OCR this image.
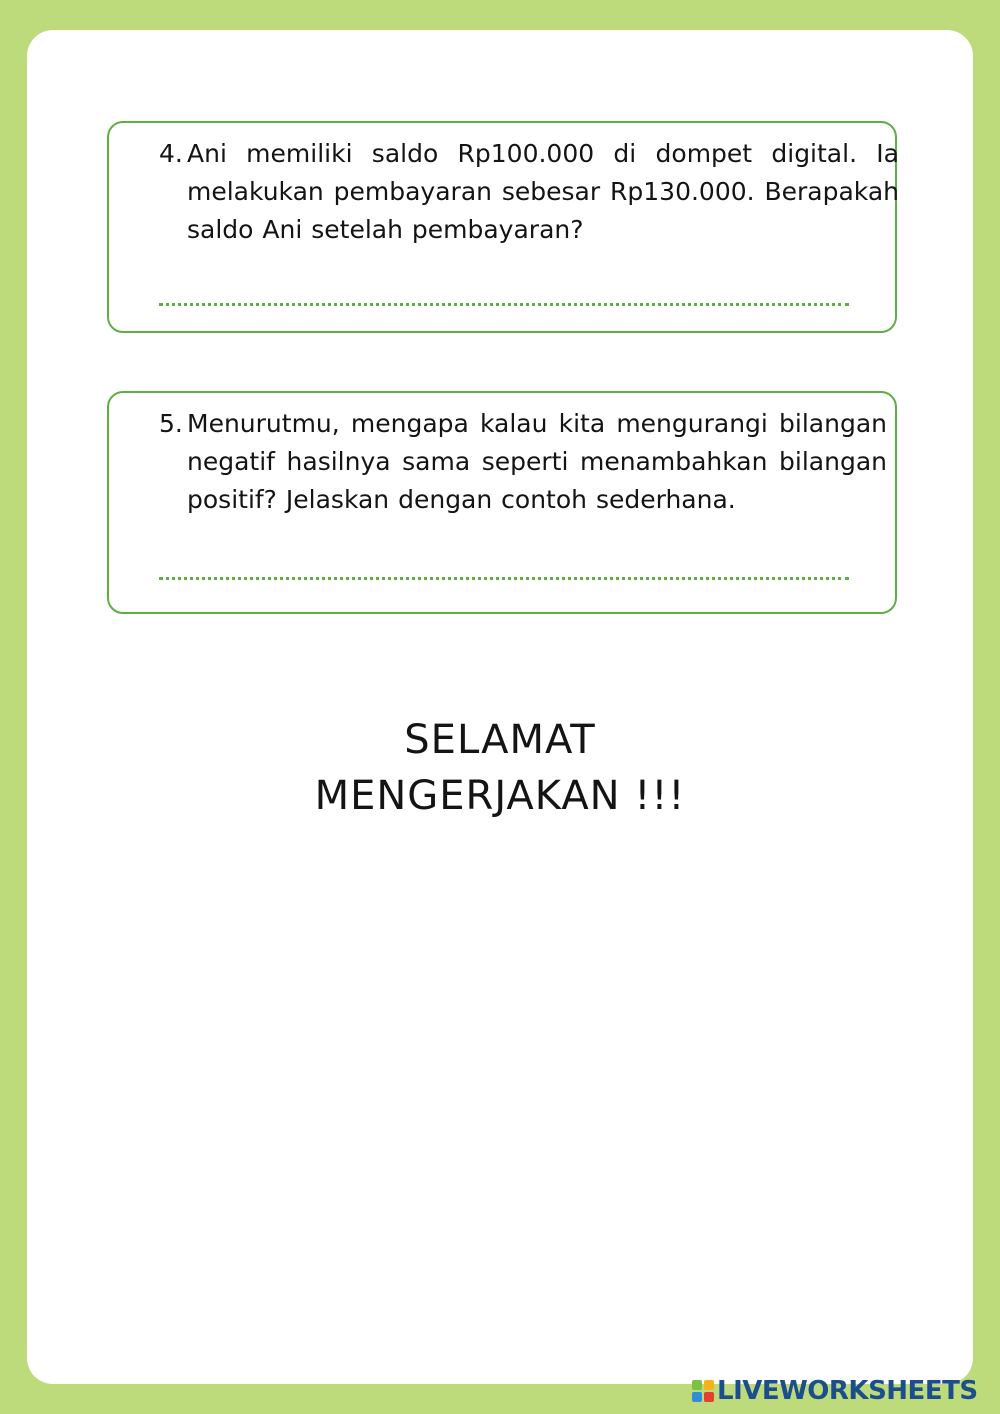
4. Ani memiliki saldo Rp100.000 di dompet digital. Ia melakukan pembayaran sebesar Rp130.000. Berapakah saldo Ani setelah pembayaran?
5. Menurutmu, mengapa kalau kita mengurangi bilangan negatif hasilnya sama seperti menambahkan bilangan positif? Jelaskan dengan contoh sederhana.
SELAMAT
MENGERJAKAN !!!
LIVEWORKSHEETS
